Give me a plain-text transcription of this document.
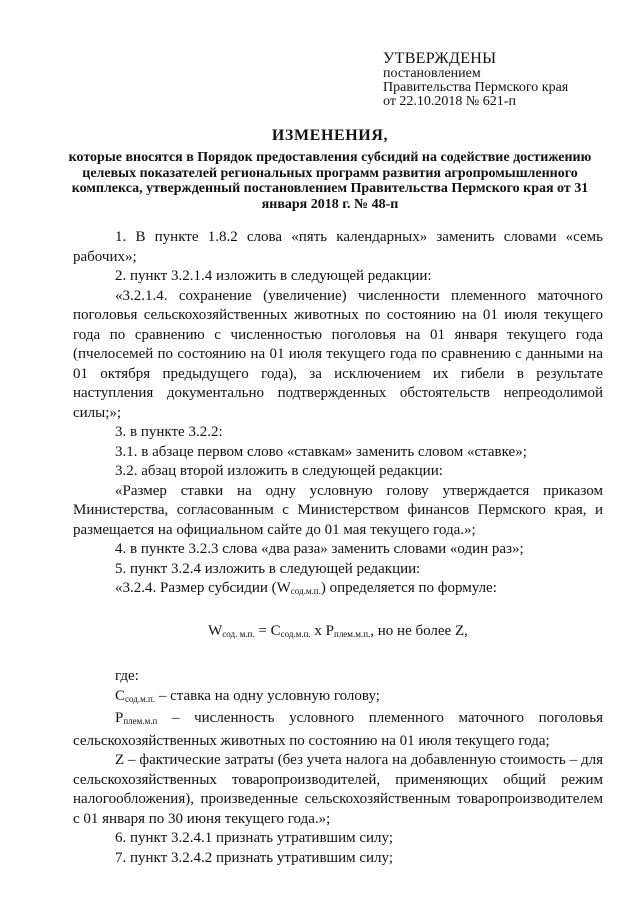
УТВЕРЖДЕНЫ
постановлением
Правительства Пермского края
от 22.10.2018 № 621-п
ИЗМЕНЕНИЯ,
которые вносятся в Порядок предоставления субсидий на содействие достижению целевых показателей региональных программ развития агропромышленного комплекса, утвержденный постановлением Правительства Пермского края от 31 января 2018 г. № 48-п

1. В пункте 1.8.2 слова «пять календарных» заменить словами «семь рабочих»;

2. пункт 3.2.1.4 изложить в следующей редакции:

«3.2.1.4. сохранение (увеличение) численности племенного маточного поголовья сельскохозяйственных животных по состоянию на 01 июля текущего года по сравнению с численностью поголовья на 01 января текущего года (пчелосемей по состоянию на 01 июля текущего года по сравнению с данными на 01 октября предыдущего года), за исключением их гибели в результате наступления документально подтвержденных обстоятельств непреодолимой силы;»;

3. в пункте 3.2.2:

3.1. в абзаце первом слово «ставкам» заменить словом «ставке»;

3.2. абзац второй изложить в следующей редакции:

«Размер ставки на одну условную голову утверждается приказом Министерства, согласованным с Министерством финансов Пермского края, и размещается на официальном сайте до 01 мая текущего года.»;

4. в пункте 3.2.3 слова «два раза» заменить словами «один раз»;

5. пункт 3.2.4 изложить в следующей редакции:

«3.2.4. Размер субсидии $(W_{сод.м.п.})$ определяется по формуле:

$W_{сод. м.п.} = С_{сод.м.п.}$ х $Р_{плем.м.п.}$, но не более Z,

где:

$С_{сод.м.п.}$ – ставка на одну условную голову;

$Р_{плем.м.п}$ – численность условного племенного маточного поголовья сельскохозяйственных животных по состоянию на 01 июля текущего года;

Z – фактические затраты (без учета налога на добавленную стоимость – для сельскохозяйственных товаропроизводителей, применяющих общий режим налогообложения), произведенные сельскохозяйственным товаропроизводителем с 01 января по 30 июня текущего года.»;

6. пункт 3.2.4.1 признать утратившим силу;

7. пункт 3.2.4.2 признать утратившим силу;
